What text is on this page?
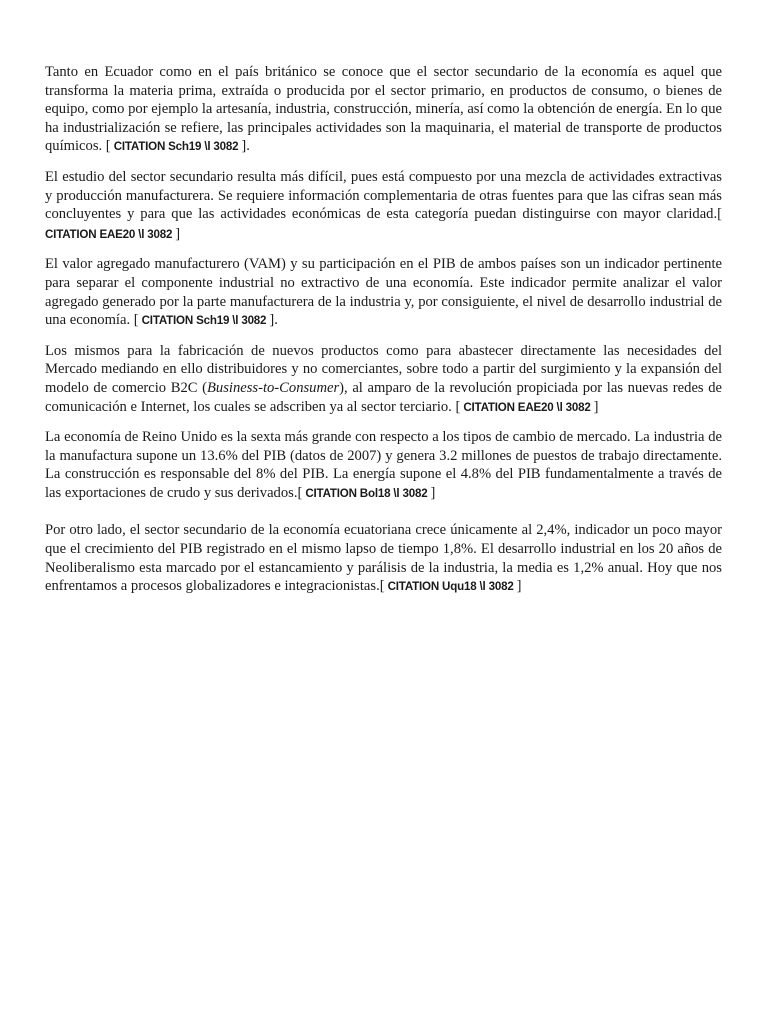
Tanto en Ecuador como en el país británico se conoce que el sector secundario de la economía es aquel que transforma la materia prima, extraída o producida por el sector primario, en productos de consumo, o bienes de equipo, como por ejemplo la artesanía, industria, construcción, minería, así como la obtención de energía. En lo que ha industrialización se refiere, las principales actividades son la maquinaria, el material de transporte de productos químicos. [ CITATION Sch19 \l 3082 ].

El estudio del sector secundario resulta más difícil, pues está compuesto por una mezcla de actividades extractivas y producción manufacturera. Se requiere información complementaria de otras fuentes para que las cifras sean más concluyentes y para que las actividades económicas de esta categoría puedan distinguirse con mayor claridad.[ CITATION EAE20 \l 3082 ]

El valor agregado manufacturero (VAM) y su participación en el PIB de ambos países son un indicador pertinente para separar el componente industrial no extractivo de una economía. Este indicador permite analizar el valor agregado generado por la parte manufacturera de la industria y, por consiguiente, el nivel de desarrollo industrial de una economía. [ CITATION Sch19 \l 3082 ].

Los mismos para la fabricación de nuevos productos como para abastecer directamente las necesidades del Mercado mediando en ello distribuidores y no comerciantes, sobre todo a partir del surgimiento y la expansión del modelo de comercio B2C (Business-to-Consumer), al amparo de la revolución propiciada por las nuevas redes de comunicación e Internet, los cuales se adscriben ya al sector terciario. [ CITATION EAE20 \l 3082 ]

La economía de Reino Unido es la sexta más grande con respecto a los tipos de cambio de mercado. La industria de la manufactura supone un 13.6% del PIB (datos de 2007) y genera 3.2 millones de puestos de trabajo directamente. La construcción es responsable del 8% del PIB. La energía supone el 4.8% del PIB fundamentalmente a través de las exportaciones de crudo y sus derivados.[ CITATION Bol18 \l 3082 ]

Por otro lado, el sector secundario de la economía ecuatoriana crece únicamente al 2,4%, indicador un poco mayor que el crecimiento del PIB registrado en el mismo lapso de tiempo 1,8%. El desarrollo industrial en los 20 años de Neoliberalismo esta marcado por el estancamiento y parálisis de la industria, la media es 1,2% anual. Hoy que nos enfrentamos a procesos globalizadores e integracionistas.[ CITATION Uqu18 \l 3082 ]
